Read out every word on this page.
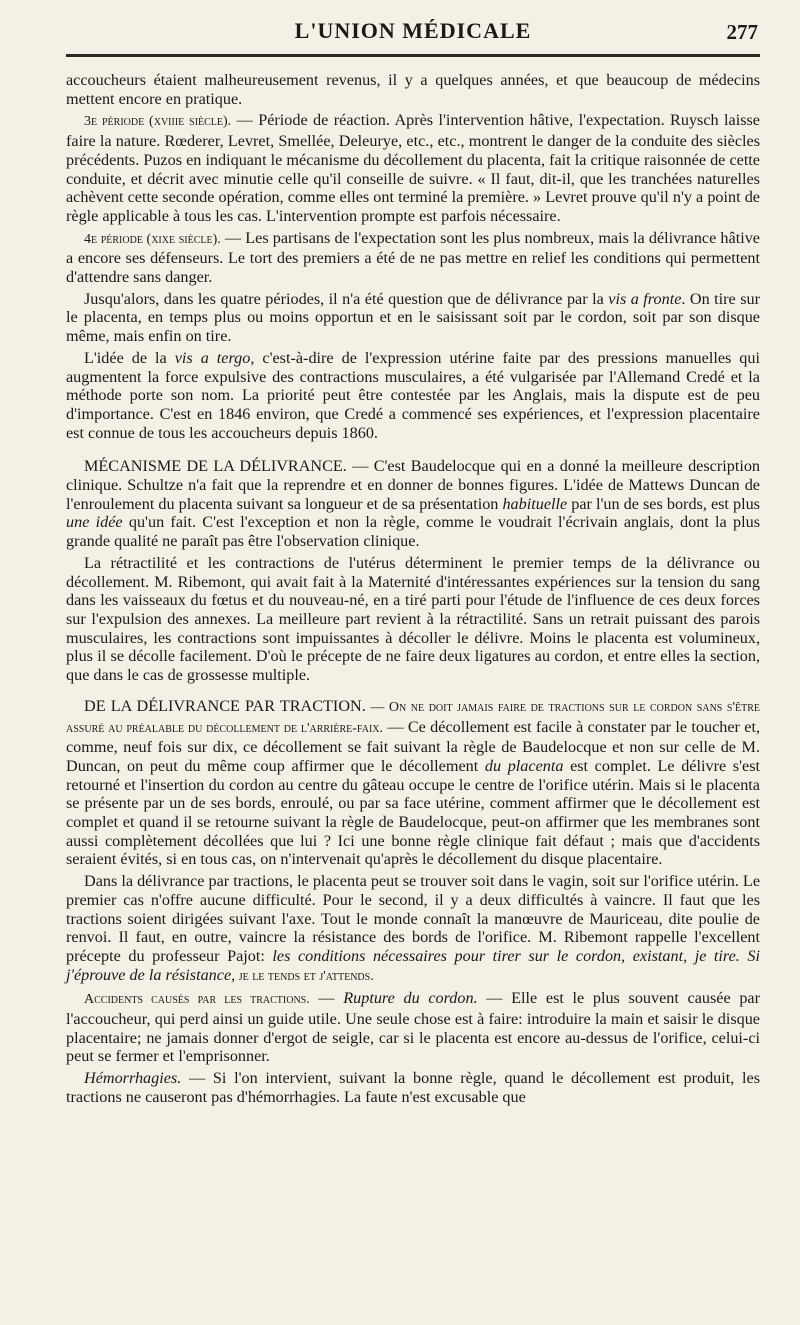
L'UNION MÉDICALE	277

accoucheurs étaient malheureusement revenus, il y a quelques années, et que beaucoup de médecins mettent encore en pratique.

3e période (xviiie siècle). — Période de réaction. Après l'intervention hâtive, l'expectation. Ruysch laisse faire la nature. Rœderer, Levret, Smellée, Deleurye, etc., etc., montrent le danger de la conduite des siècles précédents. Puzos en indiquant le mécanisme du décollement du placenta, fait la critique raisonnée de cette conduite, et décrit avec minutie celle qu'il conseille de suivre. « Il faut, dit-il, que les tranchées naturelles achèvent cette seconde opération, comme elles ont terminé la première. » Levret prouve qu'il n'y a point de règle applicable à tous les cas. L'intervention prompte est parfois nécessaire.

4e période (xixe siècle). — Les partisans de l'expectation sont les plus nombreux, mais la délivrance hâtive a encore ses défenseurs. Le tort des premiers a été de ne pas mettre en relief les conditions qui permettent d'attendre sans danger.

Jusqu'alors, dans les quatre périodes, il n'a été question que de délivrance par la vis a fronte. On tire sur le placenta, en temps plus ou moins opportun et en le saisissant soit par le cordon, soit par son disque même, mais enfin on tire.

L'idée de la vis a tergo, c'est-à-dire de l'expression utérine faite par des pressions manuelles qui augmentent la force expulsive des contractions musculaires, a été vulgarisée par l'Allemand Credé et la méthode porte son nom. La priorité peut être contestée par les Anglais, mais la dispute est de peu d'importance. C'est en 1846 environ, que Credé a commencé ses expériences, et l'expression placentaire est connue de tous les accoucheurs depuis 1860.

MÉCANISME DE LA DÉLIVRANCE. — C'est Baudelocque qui en a donné la meilleure description clinique. Schultze n'a fait que la reprendre et en donner de bonnes figures. L'idée de Mattews Duncan de l'enroulement du placenta suivant sa longueur et de sa présentation habituelle par l'un de ses bords, est plus une idée qu'un fait. C'est l'exception et non la règle, comme le voudrait l'écrivain anglais, dont la plus grande qualité ne paraît pas être l'observation clinique.

La rétractilité et les contractions de l'utérus déterminent le premier temps de la délivrance ou décollement. M. Ribemont, qui avait fait à la Maternité d'intéressantes expériences sur la tension du sang dans les vaisseaux du fœtus et du nouveau-né, en a tiré parti pour l'étude de l'influence de ces deux forces sur l'expulsion des annexes. La meilleure part revient à la rétractilité. Sans un retrait puissant des parois musculaires, les contractions sont impuissantes à décoller le délivre. Moins le placenta est volumineux, plus il se décolle facilement. D'où le précepte de ne faire deux ligatures au cordon, et entre elles la section, que dans le cas de grossesse multiple.

DE LA DÉLIVRANCE PAR TRACTION. — On ne doit jamais faire de tractions sur le cordon sans s'être assuré au préalable du décollement de l'arrière-faix. — Ce décollement est facile à constater par le toucher et, comme, neuf fois sur dix, ce décollement se fait suivant la règle de Baudelocque et non sur celle de M. Duncan, on peut du même coup affirmer que le décollement du placenta est complet. Le délivre s'est retourné et l'insertion du cordon au centre du gâteau occupe le centre de l'orifice utérin. Mais si le placenta se présente par un de ses bords, enroulé, ou par sa face utérine, comment affirmer que le décollement est complet et quand il se retourne suivant la règle de Baudelocque, peut-on affirmer que les membranes sont aussi complètement décollées que lui ? Ici une bonne règle clinique fait défaut ; mais que d'accidents seraient évités, si en tous cas, on n'intervenait qu'après le décollement du disque placentaire.

Dans la délivrance par tractions, le placenta peut se trouver soit dans le vagin, soit sur l'orifice utérin. Le premier cas n'offre aucune difficulté. Pour le second, il y a deux difficultés à vaincre. Il faut que les tractions soient dirigées suivant l'axe. Tout le monde connaît la manœuvre de Mauriceau, dite poulie de renvoi. Il faut, en outre, vaincre la résistance des bords de l'orifice. M. Ribemont rappelle l'excellent précepte du professeur Pajot: les conditions nécessaires pour tirer sur le cordon, existant, je tire. Si j'éprouve de la résistance, je le tends et j'attends.

Accidents causés par les tractions. — Rupture du cordon. — Elle est le plus souvent causée par l'accoucheur, qui perd ainsi un guide utile. Une seule chose est à faire: introduire la main et saisir le disque placentaire; ne jamais donner d'ergot de seigle, car si le placenta est encore au-dessus de l'orifice, celui-ci peut se fermer et l'emprisonner.

Hémorrhagies. — Si l'on intervient, suivant la bonne règle, quand le décollement est produit, les tractions ne causeront pas d'hémorrhagies. La faute n'est excusable que
